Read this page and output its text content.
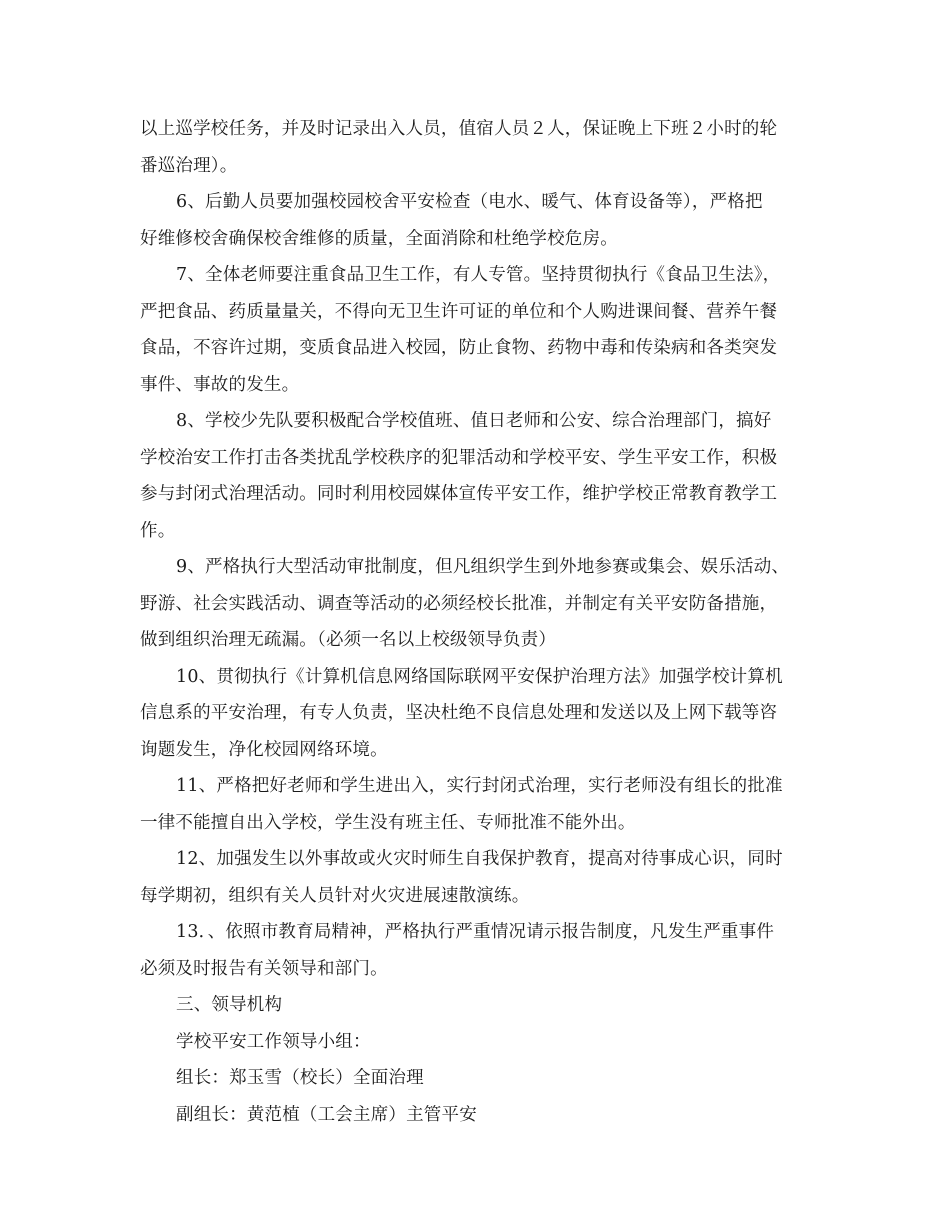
以上巡学校任务，并及时记录出入人员，值宿人员２人，保证晚上下班２小时的轮
番巡治理）。
6、后勤人员要加强校园校舍平安检查（电水、暖气、体育设备等），严格把
好维修校舍确保校舍维修的质量，全面消除和杜绝学校危房。
7、全体老师要注重食品卫生工作，有人专管。坚持贯彻执行《食品卫生法》，
严把食品、药质量量关，不得向无卫生许可证的单位和个人购进课间餐、营养午餐
食品，不容许过期，变质食品进入校园，防止食物、药物中毒和传染病和各类突发
事件、事故的发生。
8、学校少先队要积极配合学校值班、值日老师和公安、综合治理部门，搞好
学校治安工作打击各类扰乱学校秩序的犯罪活动和学校平安、学生平安工作，积极
参与封闭式治理活动。同时利用校园媒体宣传平安工作，维护学校正常教育教学工
作。
9、严格执行大型活动审批制度，但凡组织学生到外地参赛或集会、娱乐活动、
野游、社会实践活动、调查等活动的必须经校长批准，并制定有关平安防备措施，
做到组织治理无疏漏。（必须一名以上校级领导负责）
10、贯彻执行《计算机信息网络国际联网平安保护治理方法》加强学校计算机
信息系的平安治理，有专人负责，坚决杜绝不良信息处理和发送以及上网下载等咨
询题发生，净化校园网络环境。
11、严格把好老师和学生进出入，实行封闭式治理，实行老师没有组长的批准
一律不能擅自出入学校，学生没有班主任、专师批准不能外出。
12、加强发生以外事故或火灾时师生自我保护教育，提高对待事成心识，同时
每学期初，组织有关人员针对火灾进展速散演练。
13．、依照市教育局精神，严格执行严重情况请示报告制度，凡发生严重事件
必须及时报告有关领导和部门。
三、领导机构
学校平安工作领导小组：
组长：郑玉雪（校长）全面治理
副组长：黄范植（工会主席）主管平安
